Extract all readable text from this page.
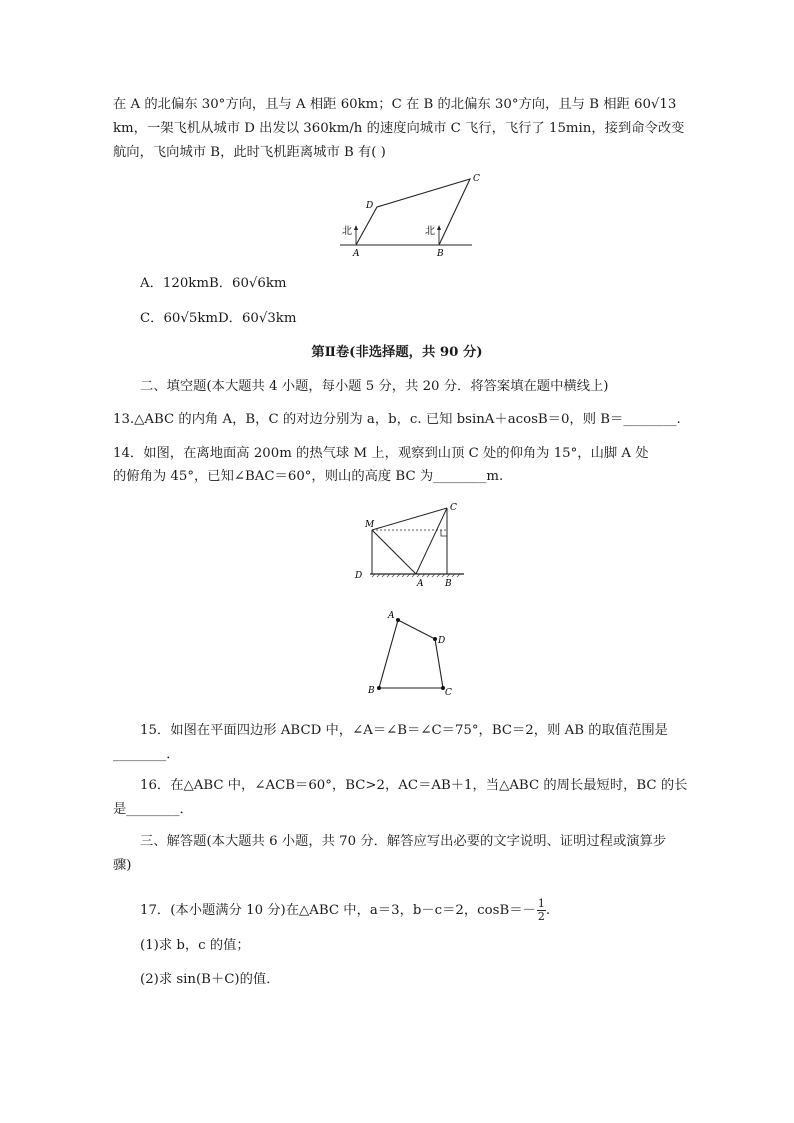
在 A 的北偏东 30°方向，且与 A 相距 60km；C 在 B 的北偏东 30°方向，且与 B 相距 60√13
km，一架飞机从城市 D 出发以 360km/h 的速度向城市 C 飞行，飞行了 15min，接到命令改变
航向，飞向城市 B，此时飞机距离城市 B 有( )
北	北
A	B
C
D
A．120kmB．60√6km
C．60√5kmD．60√3km
第Ⅱ卷(非选择题，共 90 分)
二、填空题(本大题共 4 小题，每小题 5 分，共 20 分．将答案填在题中横线上)
13.△ABC 的内角 A，B，C 的对边分别为 a，b，c. 已知 bsinA＋acosB＝0，则 B＝________.
14．如图，在离地面高 200m 的热气球 M 上，观察到山顶 C 处的仰角为 15°，山脚 A 处
的俯角为 45°，已知∠BAC＝60°，则山的高度 BC 为________m.
M
C
D
A B
A
D
B	C
15．如图在平面四边形 ABCD 中，∠A＝∠B＝∠C＝75°，BC＝2，则 AB 的取值范围是
________．
16．在△ABC 中，∠ACB＝60°，BC>2，AC＝AB＋1，当△ABC 的周长最短时，BC 的长
是________．
三、解答题(本大题共 6 小题，共 70 分．解答应写出必要的文字说明、证明过程或演算步
骤)
17．(本小题满分 10 分)在△ABC 中，a＝3，b－c＝2，$\cos B=- \frac{1}{2}$ .
(1)求 b，c 的值；
(2)求 sin(B＋C)的值．
